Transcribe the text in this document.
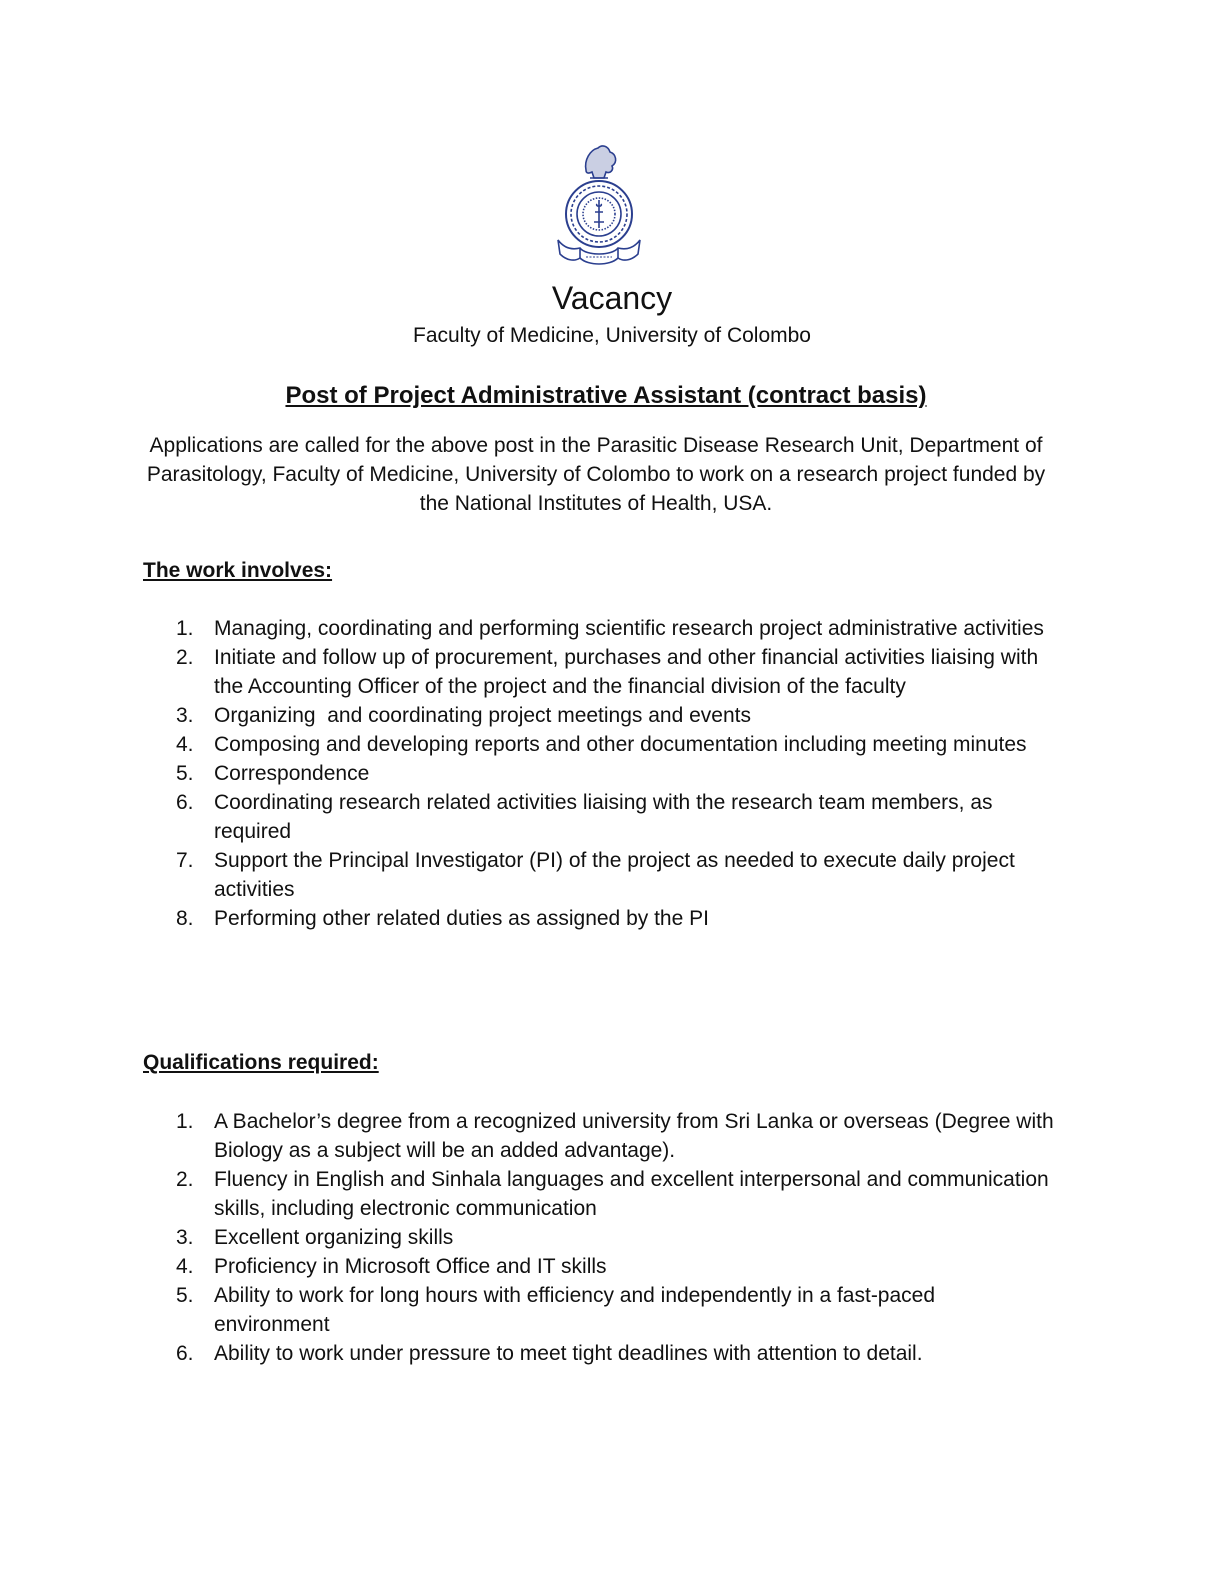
Vacancy
Faculty of Medicine, University of Colombo
Post of Project Administrative Assistant (contract basis)
Applications are called for the above post in the Parasitic Disease Research Unit, Department of Parasitology, Faculty of Medicine, University of Colombo to work on a research project funded by the National Institutes of Health, USA.
The work involves:
1. Managing, coordinating and performing scientific research project administrative activities
2. Initiate and follow up of procurement, purchases and other financial activities liaising with the Accounting Officer of the project and the financial division of the faculty
3. Organizing  and coordinating project meetings and events
4. Composing and developing reports and other documentation including meeting minutes
5. Correspondence
6. Coordinating research related activities liaising with the research team members, as required
7. Support the Principal Investigator (PI) of the project as needed to execute daily project activities
8. Performing other related duties as assigned by the PI
Qualifications required:
1. A Bachelor’s degree from a recognized university from Sri Lanka or overseas (Degree with Biology as a subject will be an added advantage).
2. Fluency in English and Sinhala languages and excellent interpersonal and communication skills, including electronic communication
3. Excellent organizing skills
4. Proficiency in Microsoft Office and IT skills
5. Ability to work for long hours with efficiency and independently in a fast-paced environment
6. Ability to work under pressure to meet tight deadlines with attention to detail.
